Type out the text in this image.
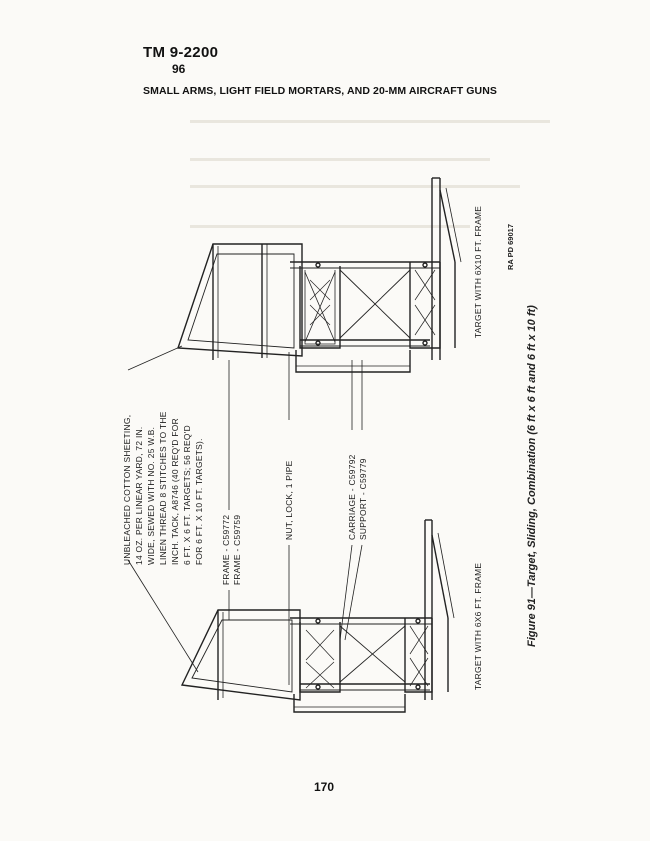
TM 9-2200
96
SMALL ARMS, LIGHT FIELD MORTARS, AND 20-MM AIRCRAFT GUNS
UNBLEACHED COTTON SHEETING, 14 OZ. PER LINEAR YARD, 72 IN. WIDE, SEWED WITH NO. 25 W.B. LINEN THREAD 8 STITCHES TO THE INCH. TACK, A8746 (40 REQ'D FOR 6 FT. X 6 FT. TARGETS; 56 REQ'D FOR 6 FT. X 10 FT. TARGETS). FRAME - C59772 FRAME - C59759
NUT, LOCK, 1 PIPE	CARRIAGE - C59792 SUPPORT - C59779
TARGET WITH 6X6 FT. FRAME
TARGET WITH 6X10 FT. FRAME	RA PD 69017
Figure 91—Target, Sliding, Combination (6 ft x 6 ft and 6 ft x 10 ft)
170
